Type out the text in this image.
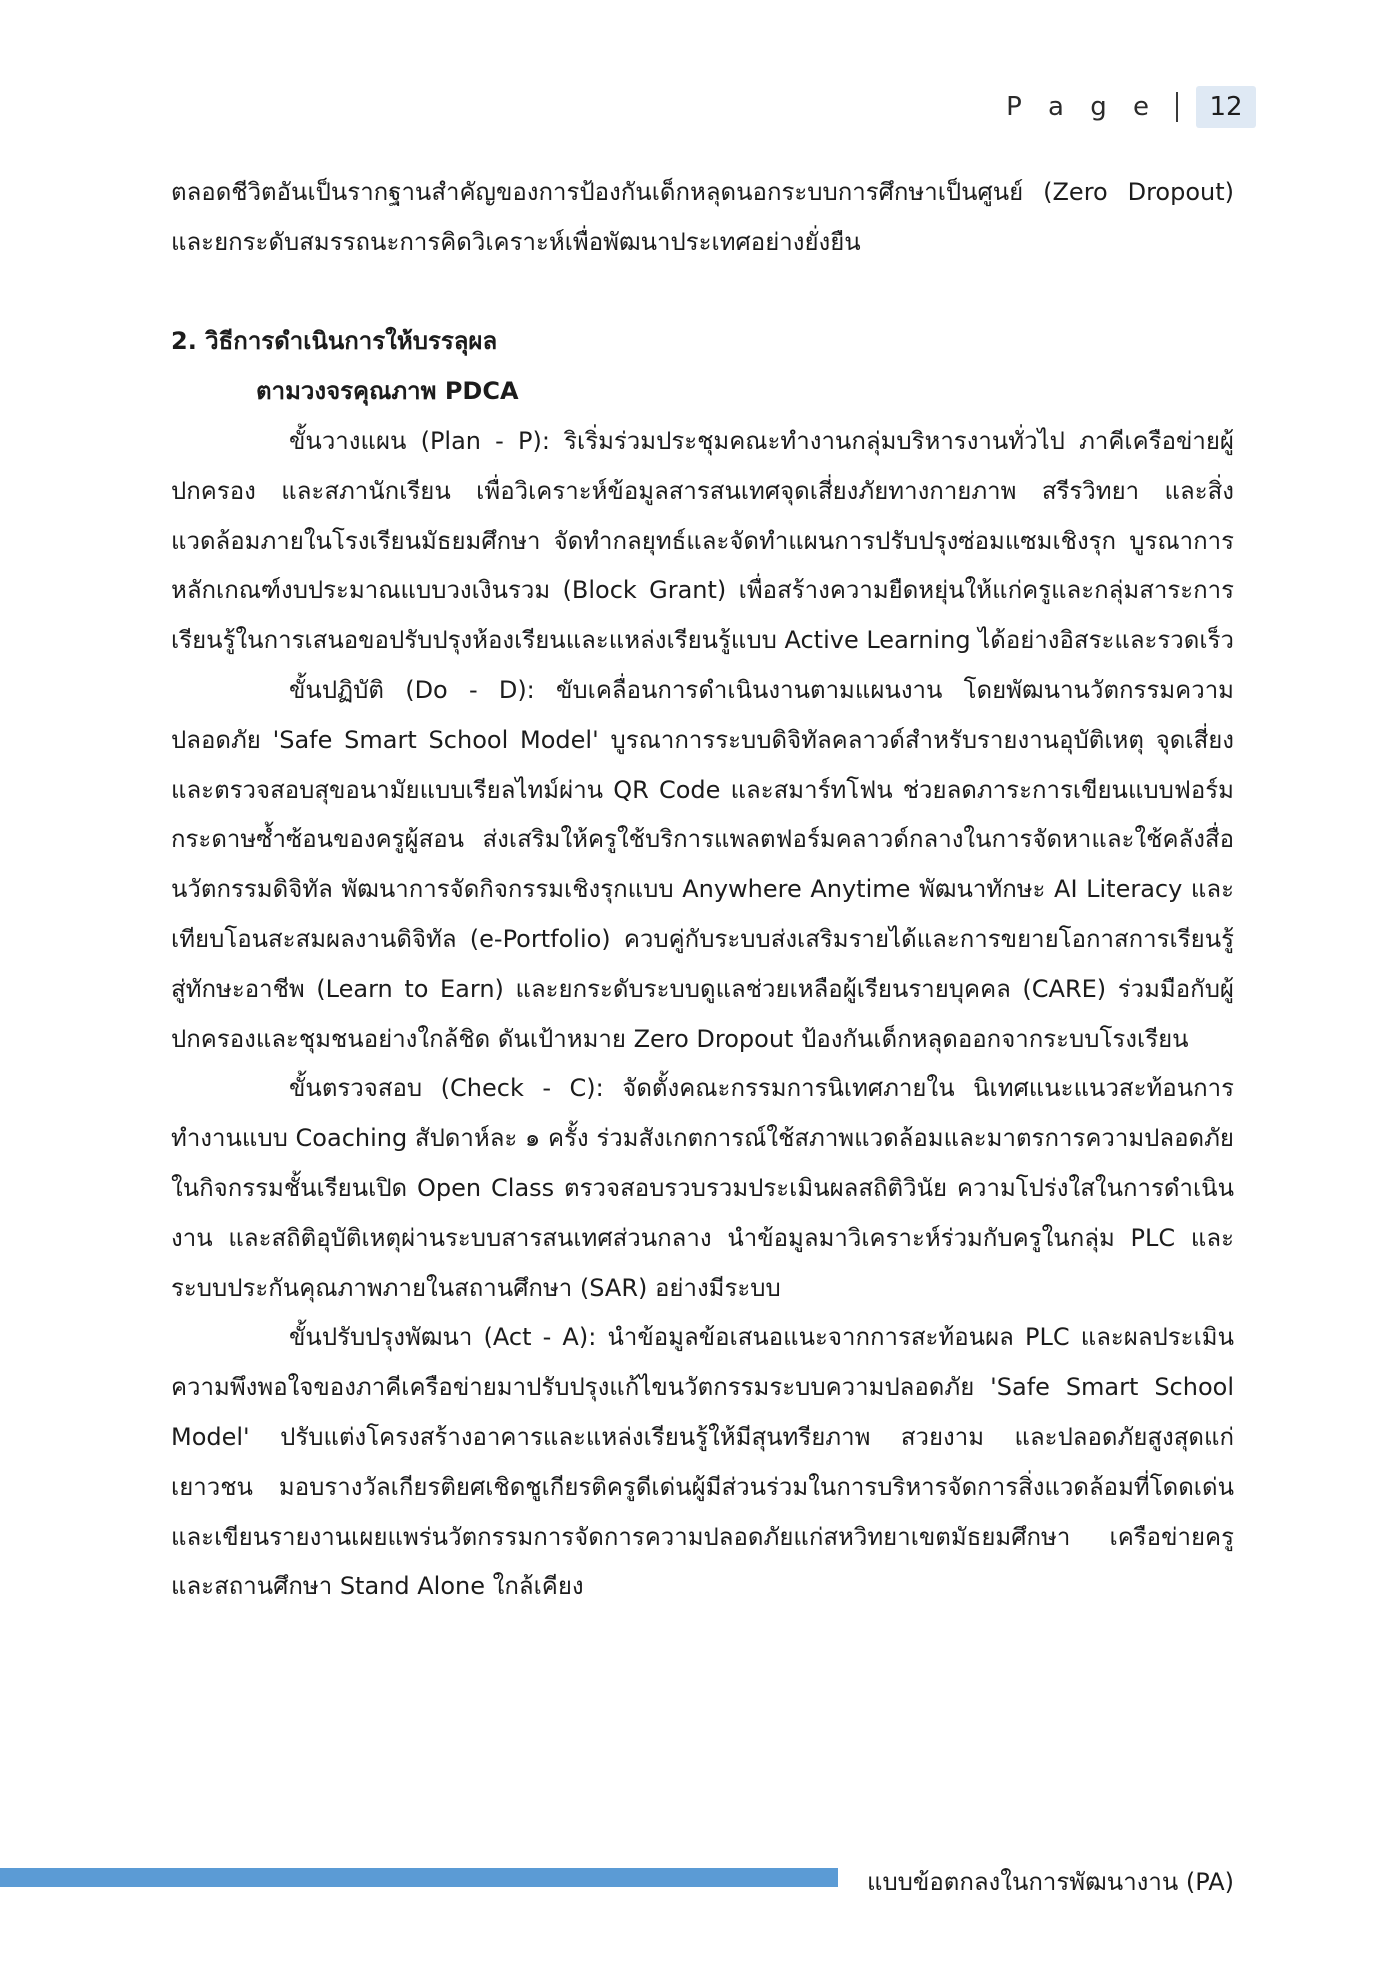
P a g e	12

ตลอดชีวิตอันเป็นรากฐานสำคัญของการป้องกันเด็กหลุดนอกระบบการศึกษาเป็นศูนย์ (Zero Dropout) และยกระดับสมรรถนะการคิดวิเคราะห์เพื่อพัฒนาประเทศอย่างยั่งยืน

2. วิธีการดำเนินการให้บรรลุผล

ตามวงจรคุณภาพ PDCA

ขั้นวางแผน (Plan - P): ริเริ่มร่วมประชุมคณะทำงานกลุ่มบริหารงานทั่วไป ภาคีเครือข่ายผู้ปกครอง และสภานักเรียน เพื่อวิเคราะห์ข้อมูลสารสนเทศจุดเสี่ยงภัยทางกายภาพ สรีรวิทยา และสิ่งแวดล้อมภายในโรงเรียนมัธยมศึกษา จัดทำกลยุทธ์และจัดทำแผนการปรับปรุงซ่อมแซมเชิงรุก บูรณาการหลักเกณฑ์งบประมาณแบบวงเงินรวม (Block Grant) เพื่อสร้างความยืดหยุ่นให้แก่ครูและกลุ่มสาระการเรียนรู้ในการเสนอขอปรับปรุงห้องเรียนและแหล่งเรียนรู้แบบ Active Learning ได้อย่างอิสระและรวดเร็ว

ขั้นปฏิบัติ (Do - D): ขับเคลื่อนการดำเนินงานตามแผนงาน โดยพัฒนานวัตกรรมความปลอดภัย 'Safe Smart School Model' บูรณาการระบบดิจิทัลคลาวด์สำหรับรายงานอุบัติเหตุ จุดเสี่ยง และตรวจสอบสุขอนามัยแบบเรียลไทม์ผ่าน QR Code และสมาร์ทโฟน ช่วยลดภาระการเขียนแบบฟอร์มกระดาษซ้ำซ้อนของครูผู้สอน ส่งเสริมให้ครูใช้บริการแพลตฟอร์มคลาวด์กลางในการจัดหาและใช้คลังสื่อนวัตกรรมดิจิทัล พัฒนาการจัดกิจกรรมเชิงรุกแบบ Anywhere Anytime พัฒนาทักษะ AI Literacy และเทียบโอนสะสมผลงานดิจิทัล (e-Portfolio) ควบคู่กับระบบส่งเสริมรายได้และการขยายโอกาสการเรียนรู้สู่ทักษะอาชีพ (Learn to Earn) และยกระดับระบบดูแลช่วยเหลือผู้เรียนรายบุคคล (CARE) ร่วมมือกับผู้ปกครองและชุมชนอย่างใกล้ชิด ดันเป้าหมาย Zero Dropout ป้องกันเด็กหลุดออกจากระบบโรงเรียน

ขั้นตรวจสอบ (Check - C): จัดตั้งคณะกรรมการนิเทศภายใน นิเทศแนะแนวสะท้อนการทำงานแบบ Coaching สัปดาห์ละ ๑ ครั้ง ร่วมสังเกตการณ์ใช้สภาพแวดล้อมและมาตรการความปลอดภัยในกิจกรรมชั้นเรียนเปิด Open Class ตรวจสอบรวบรวมประเมินผลสถิติวินัย ความโปร่งใสในการดำเนินงาน และสถิติอุบัติเหตุผ่านระบบสารสนเทศส่วนกลาง นำข้อมูลมาวิเคราะห์ร่วมกับครูในกลุ่ม PLC และระบบประกันคุณภาพภายในสถานศึกษา (SAR) อย่างมีระบบ

ขั้นปรับปรุงพัฒนา (Act - A): นำข้อมูลข้อเสนอแนะจากการสะท้อนผล PLC และผลประเมินความพึงพอใจของภาคีเครือข่ายมาปรับปรุงแก้ไขนวัตกรรมระบบความปลอดภัย 'Safe Smart School Model' ปรับแต่งโครงสร้างอาคารและแหล่งเรียนรู้ให้มีสุนทรียภาพ สวยงาม และปลอดภัยสูงสุดแก่เยาวชน มอบรางวัลเกียรติยศเชิดชูเกียรติครูดีเด่นผู้มีส่วนร่วมในการบริหารจัดการสิ่งแวดล้อมที่โดดเด่น และเขียนรายงานเผยแพร่นวัตกรรมการจัดการความปลอดภัยแก่สหวิทยาเขตมัธยมศึกษา เครือข่ายครู และสถานศึกษา Stand Alone ใกล้เคียง

แบบข้อตกลงในการพัฒนางาน (PA)
